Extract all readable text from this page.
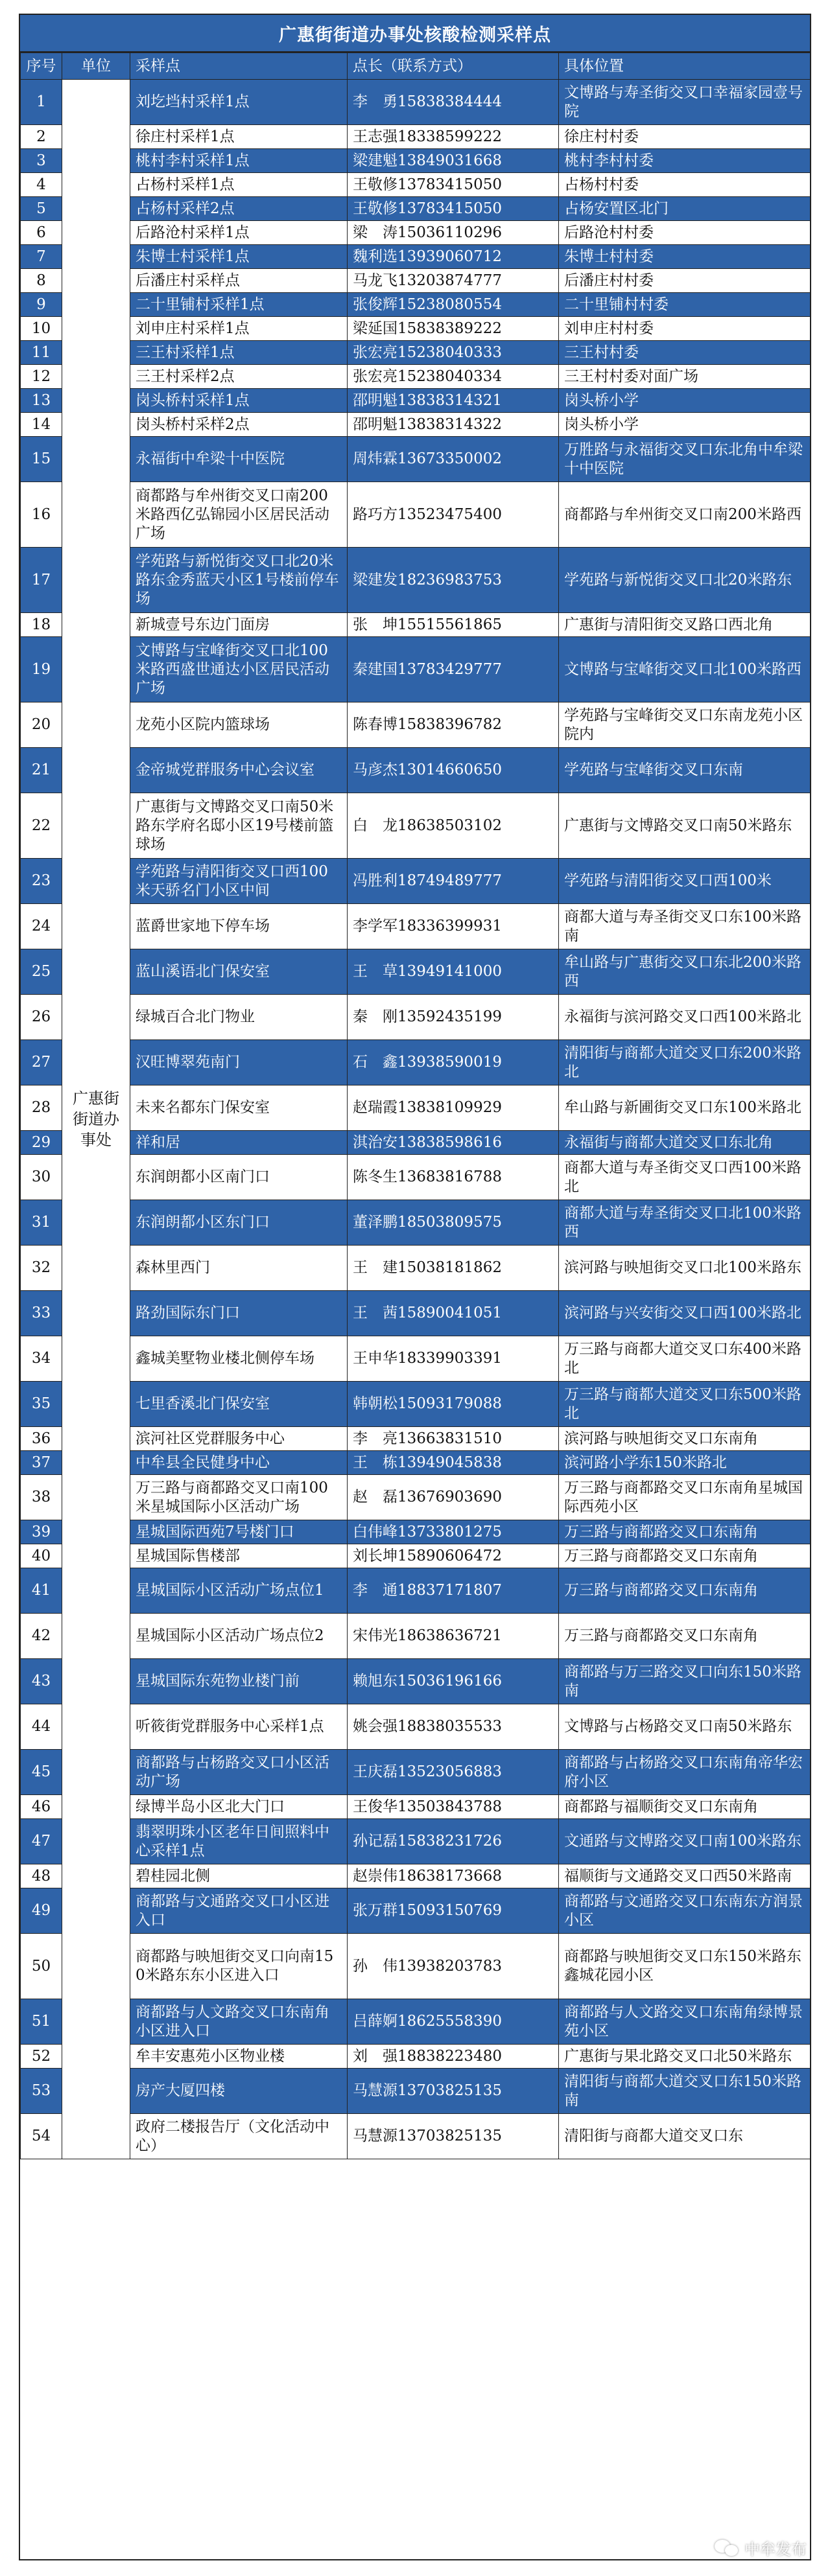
广惠街街道办事处核酸检测采样点
序号	单位	采样点	点长（联系方式）	具体位置
1	广惠街街道办事处	刘圪垱村采样1点	李　勇15838384444	文博路与寿圣街交叉口幸福家园壹号院
2		徐庄村采样1点	王志强18338599222	徐庄村村委
3		桃村李村采样1点	梁建魁13849031668	桃村李村村委
4		占杨村采样1点	王敬修13783415050	占杨村村委
5		占杨村采样2点	王敬修13783415050	占杨安置区北门
6		后路沧村采样1点	梁　涛15036110296	后路沧村村委
7		朱博士村采样1点	魏利选13939060712	朱博士村村委
8		后潘庄村采样点	马龙飞13203874777	后潘庄村村委
9		二十里铺村采样1点	张俊辉15238080554	二十里铺村村委
10		刘申庄村采样1点	梁延国15838389222	刘申庄村村委
11		三王村采样1点	张宏亮15238040333	三王村村委
12		三王村采样2点	张宏亮15238040334	三王村村委对面广场
13		岗头桥村采样1点	邵明魁13838314321	岗头桥小学
14		岗头桥村采样2点	邵明魁13838314322	岗头桥小学
15		永福街中牟梁十中医院	周炜霖13673350002	万胜路与永福街交叉口东北角中牟梁十中医院
16		商都路与牟州街交叉口南200米路西亿弘锦园小区居民活动广场	路巧方13523475400	商都路与牟州街交叉口南200米路西
17		学苑路与新悦街交叉口北20米路东金秀蓝天小区1号楼前停车场	梁建发18236983753	学苑路与新悦街交叉口北20米路东
18		新城壹号东边门面房	张　坤15515561865	广惠街与清阳街交叉路口西北角
19		文博路与宝峰街交叉口北100米路西盛世通达小区居民活动广场	秦建国13783429777	文博路与宝峰街交叉口北100米路西
20		龙苑小区院内篮球场	陈春博15838396782	学苑路与宝峰街交叉口东南龙苑小区院内
21		金帝城党群服务中心会议室	马彦杰13014660650	学苑路与宝峰街交叉口东南
22		广惠街与文博路交叉口南50米路东学府名邸小区19号楼前篮球场	白　龙18638503102	广惠街与文博路交叉口南50米路东
23		学苑路与清阳街交叉口西100米天骄名门小区中间	冯胜利18749489777	学苑路与清阳街交叉口西100米
24		蓝爵世家地下停车场	李学军18336399931	商都大道与寿圣街交叉口东100米路南
25		蓝山溪语北门保安室	王　草13949141000	牟山路与广惠街交叉口东北200米路西
26		绿城百合北门物业	秦　刚13592435199	永福街与滨河路交叉口西100米路北
27		汉旺博翠苑南门	石　鑫13938590019	清阳街与商都大道交叉口东200米路北
28		未来名都东门保安室	赵瑞霞13838109929	牟山路与新圃街交叉口东100米路北
29		祥和居	淇治安13838598616	永福街与商都大道交叉口东北角
30		东润朗都小区南门口	陈冬生13683816788	商都大道与寿圣街交叉口西100米路北
31		东润朗都小区东门口	董泽鹏18503809575	商都大道与寿圣街交叉口北100米路西
32		森林里西门	王　建15038181862	滨河路与映旭街交叉口北100米路东
33		路劲国际东门口	王　茜15890041051	滨河路与兴安街交叉口西100米路北
34		鑫城美墅物业楼北侧停车场	王申华18339903391	万三路与商都大道交叉口东400米路北
35		七里香溪北门保安室	韩朝松15093179088	万三路与商都大道交叉口东500米路北
36		滨河社区党群服务中心	李　亮13663831510	滨河路与映旭街交叉口东南角
37		中牟县全民健身中心	王　栋13949045838	滨河路小学东150米路北
38		万三路与商都路交叉口南100米星城国际小区活动广场	赵　磊13676903690	万三路与商都路交叉口东南角星城国际西苑小区
39		星城国际西苑7号楼门口	白伟峰13733801275	万三路与商都路交叉口东南角
40		星城国际售楼部	刘长坤15890606472	万三路与商都路交叉口东南角
41		星城国际小区活动广场点位1	李　通18837171807	万三路与商都路交叉口东南角
42		星城国际小区活动广场点位2	宋伟光18638636721	万三路与商都路交叉口东南角
43		星城国际东苑物业楼门前	赖旭东15036196166	商都路与万三路交叉口向东150米路南
44		听筱街党群服务中心采样1点	姚会强18838035533	文博路与占杨路交叉口南50米路东
45		商都路与占杨路交叉口小区活动广场	王庆磊13523056883	商都路与占杨路交叉口东南角帝华宏府小区
46		绿博半岛小区北大门口	王俊华13503843788	商都路与福顺街交叉口东南角
47		翡翠明珠小区老年日间照料中心采样1点	孙记磊15838231726	文通路与文博路交叉口南100米路东
48		碧桂园北侧	赵崇伟18638173668	福顺街与文通路交叉口西50米路南
49		商都路与文通路交叉口小区进入口	张万群15093150769	商都路与文通路交叉口东南东方润景小区
50		商都路与映旭街交叉口向南150米路东东小区进入口	孙　伟13938203783	商都路与映旭街交叉口东150米路东鑫城花园小区
51		商都路与人文路交叉口东南角小区进入口	吕薛婀18625558390	商都路与人文路交叉口东南角绿博景苑小区
52		牟丰安惠苑小区物业楼	刘　强18838223480	广惠街与果北路交叉口北50米路东
53		房产大厦四楼	马慧源13703825135	清阳街与商都大道交叉口东150米路南
54		政府二楼报告厅（文化活动中心）	马慧源13703825135	清阳街与商都大道交叉口东
中牟发布
